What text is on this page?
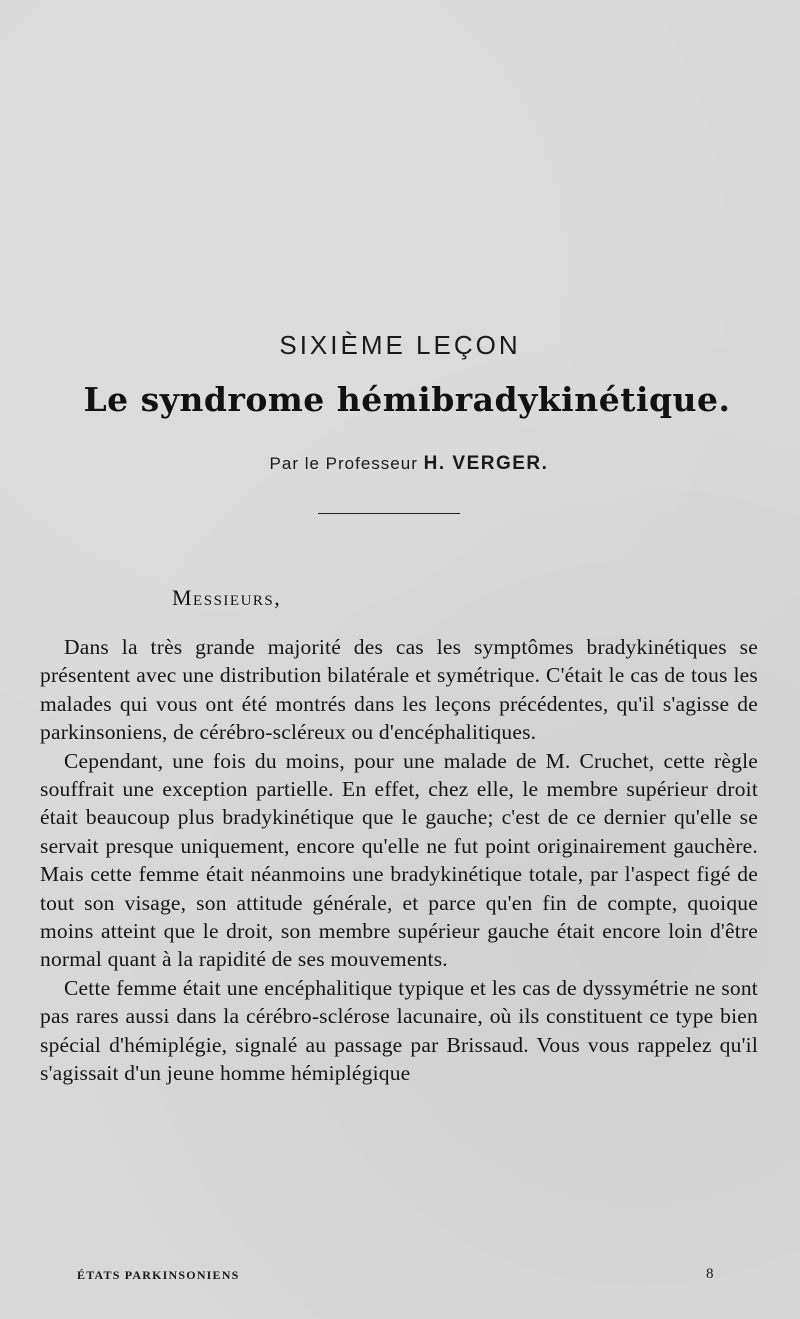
SIXIÈME LEÇON
Le syndrome hémibradykinétique.
Par le Professeur H. VERGER.
Messieurs,

Dans la très grande majorité des cas les symptômes bradykinétiques se présentent avec une distribution bilatérale et symétrique. C'était le cas de tous les malades qui vous ont été montrés dans les leçons précédentes, qu'il s'agisse de parkinsoniens, de cérébro-scléreux ou d'encéphalitiques.

Cependant, une fois du moins, pour une malade de M. Cruchet, cette règle souffrait une exception partielle. En effet, chez elle, le membre supérieur droit était beaucoup plus bradykinétique que le gauche; c'est de ce dernier qu'elle se servait presque uniquement, encore qu'elle ne fut point originairement gauchère. Mais cette femme était néanmoins une bradykinétique totale, par l'aspect figé de tout son visage, son attitude générale, et parce qu'en fin de compte, quoique moins atteint que le droit, son membre supérieur gauche était encore loin d'être normal quant à la rapidité de ses mouvements.

Cette femme était une encéphalitique typique et les cas de dyssymétrie ne sont pas rares aussi dans la cérébro-sclérose lacunaire, où ils constituent ce type bien spécial d'hémiplégie, signalé au passage par Brissaud. Vous vous rappelez qu'il s'agissait d'un jeune homme hémiplégique

ÉTATS PARKINSONIENS	8
